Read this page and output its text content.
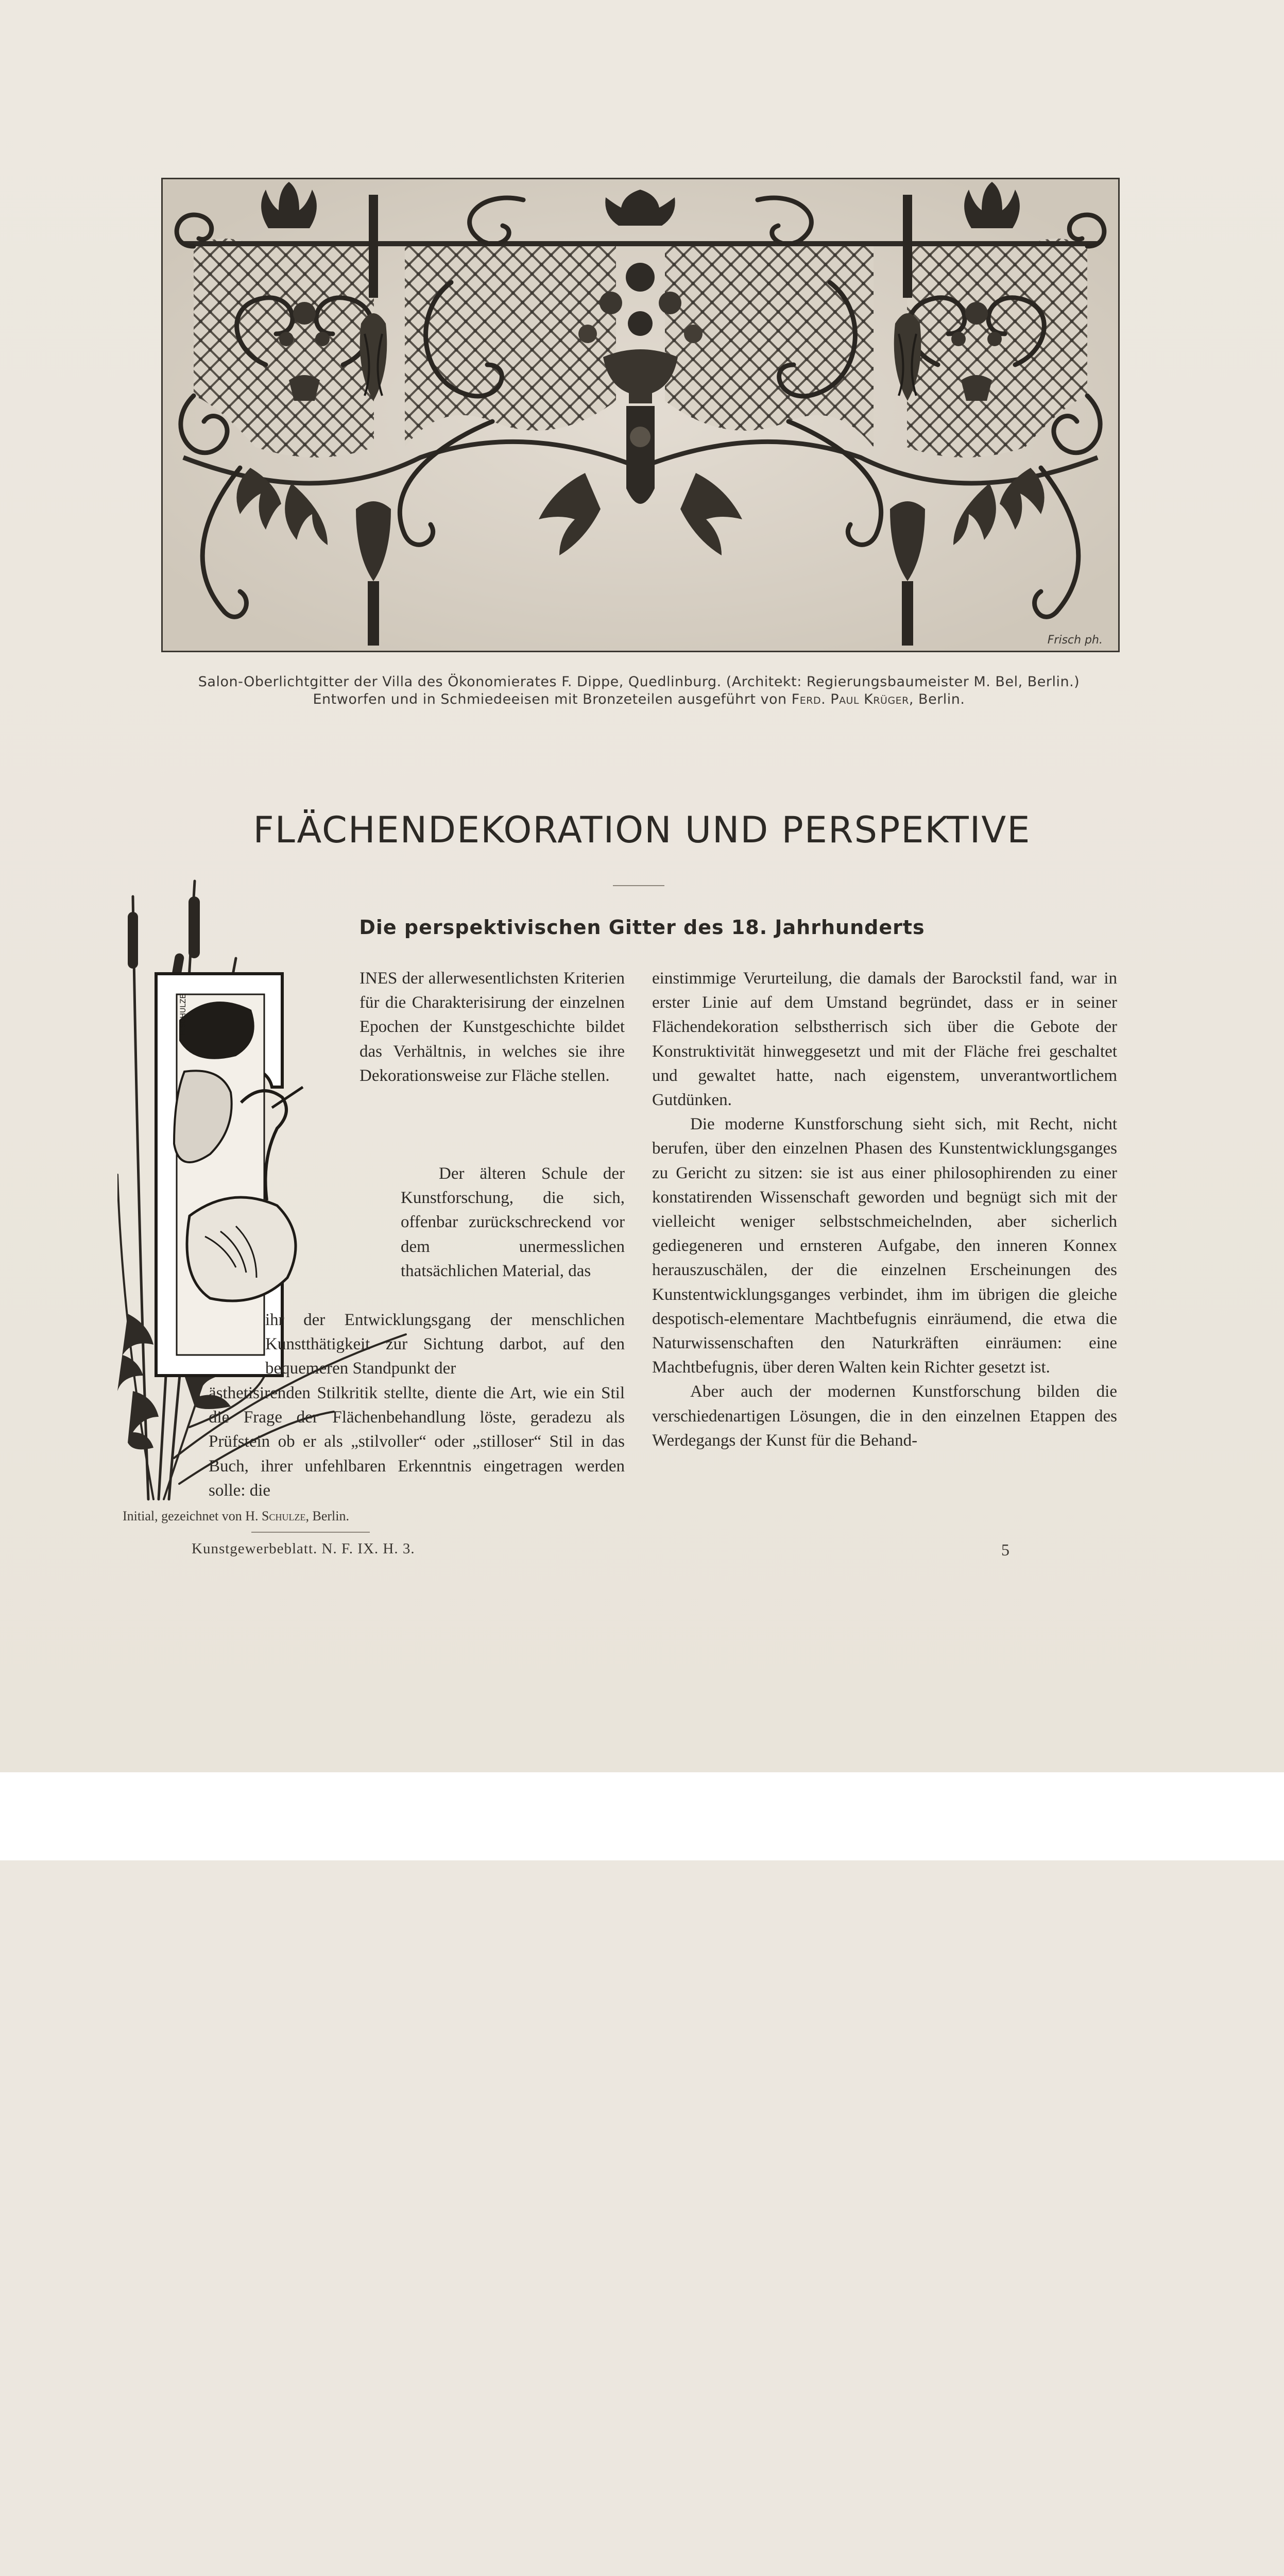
Frisch ph.
Salon-Oberlichtgitter der Villa des Ökonomierates F. Dippe, Quedlinburg. (Architekt: Regierungsbaumeister M. Bel, Berlin.)
Entworfen und in Schmiedeeisen mit Bronzeteilen ausgeführt von Ferd. Paul Krüger, Berlin.
FLÄCHENDEKORATION UND PERSPEKTIVE
Die perspektivischen Gitter des 18. Jahrhunderts
H.SCHULZE

INES der allerwesentlichsten Kriterien für die Charakterisirung der einzelnen Epochen der Kunstgeschichte bildet das Verhältnis, in welches sie ihre Dekorationsweise zur Fläche stellen.

Der älteren Schule der Kunstforschung, die sich, offenbar zurückschreckend vor dem unermesslichen thatsächlichen Material, das

ihr der Entwicklungsgang der menschlichen Kunstthätigkeit zur Sichtung darbot, auf den bequemeren Standpunkt der

ästhetisirenden Stilkritik stellte, diente die Art, wie ein Stil die Frage der Flächenbehandlung löste, geradezu als Prüfstein ob er als „stilvoller“ oder „stilloser“ Stil in das Buch, ihrer unfehlbaren Erkenntnis eingetragen werden solle: die

einstimmige Verurteilung, die damals der Barockstil fand, war in erster Linie auf dem Umstand begründet, dass er in seiner Flächendekoration selbstherrisch sich über die Gebote der Konstruktivität hinweggesetzt und mit der Fläche frei geschaltet und gewaltet hatte, nach eigenstem, unverantwortlichem Gutdünken.

Die moderne Kunstforschung sieht sich, mit Recht, nicht berufen, über den einzelnen Phasen des Kunstentwicklungsganges zu Gericht zu sitzen: sie ist aus einer philosophirenden zu einer konstatirenden Wissenschaft geworden und begnügt sich mit der vielleicht weniger selbstschmeichelnden, aber sicherlich gediegeneren und ernsteren Aufgabe, den inneren Konnex herauszuschälen, der die einzelnen Erscheinungen des Kunstentwicklungsganges verbindet, ihm im übrigen die gleiche despotisch-elementare Machtbefugnis einräumend, die etwa die Naturwissenschaften den Naturkräften einräumen: eine Machtbefugnis, über deren Walten kein Richter gesetzt ist.

Aber auch der modernen Kunstforschung bilden die verschiedenartigen Lösungen, die in den einzelnen Etappen des Werdegangs der Kunst für die Behand-

Initial, gezeichnet von H. Schulze, Berlin.
Kunstgewerbeblatt. N. F. IX. H. 3.	5
